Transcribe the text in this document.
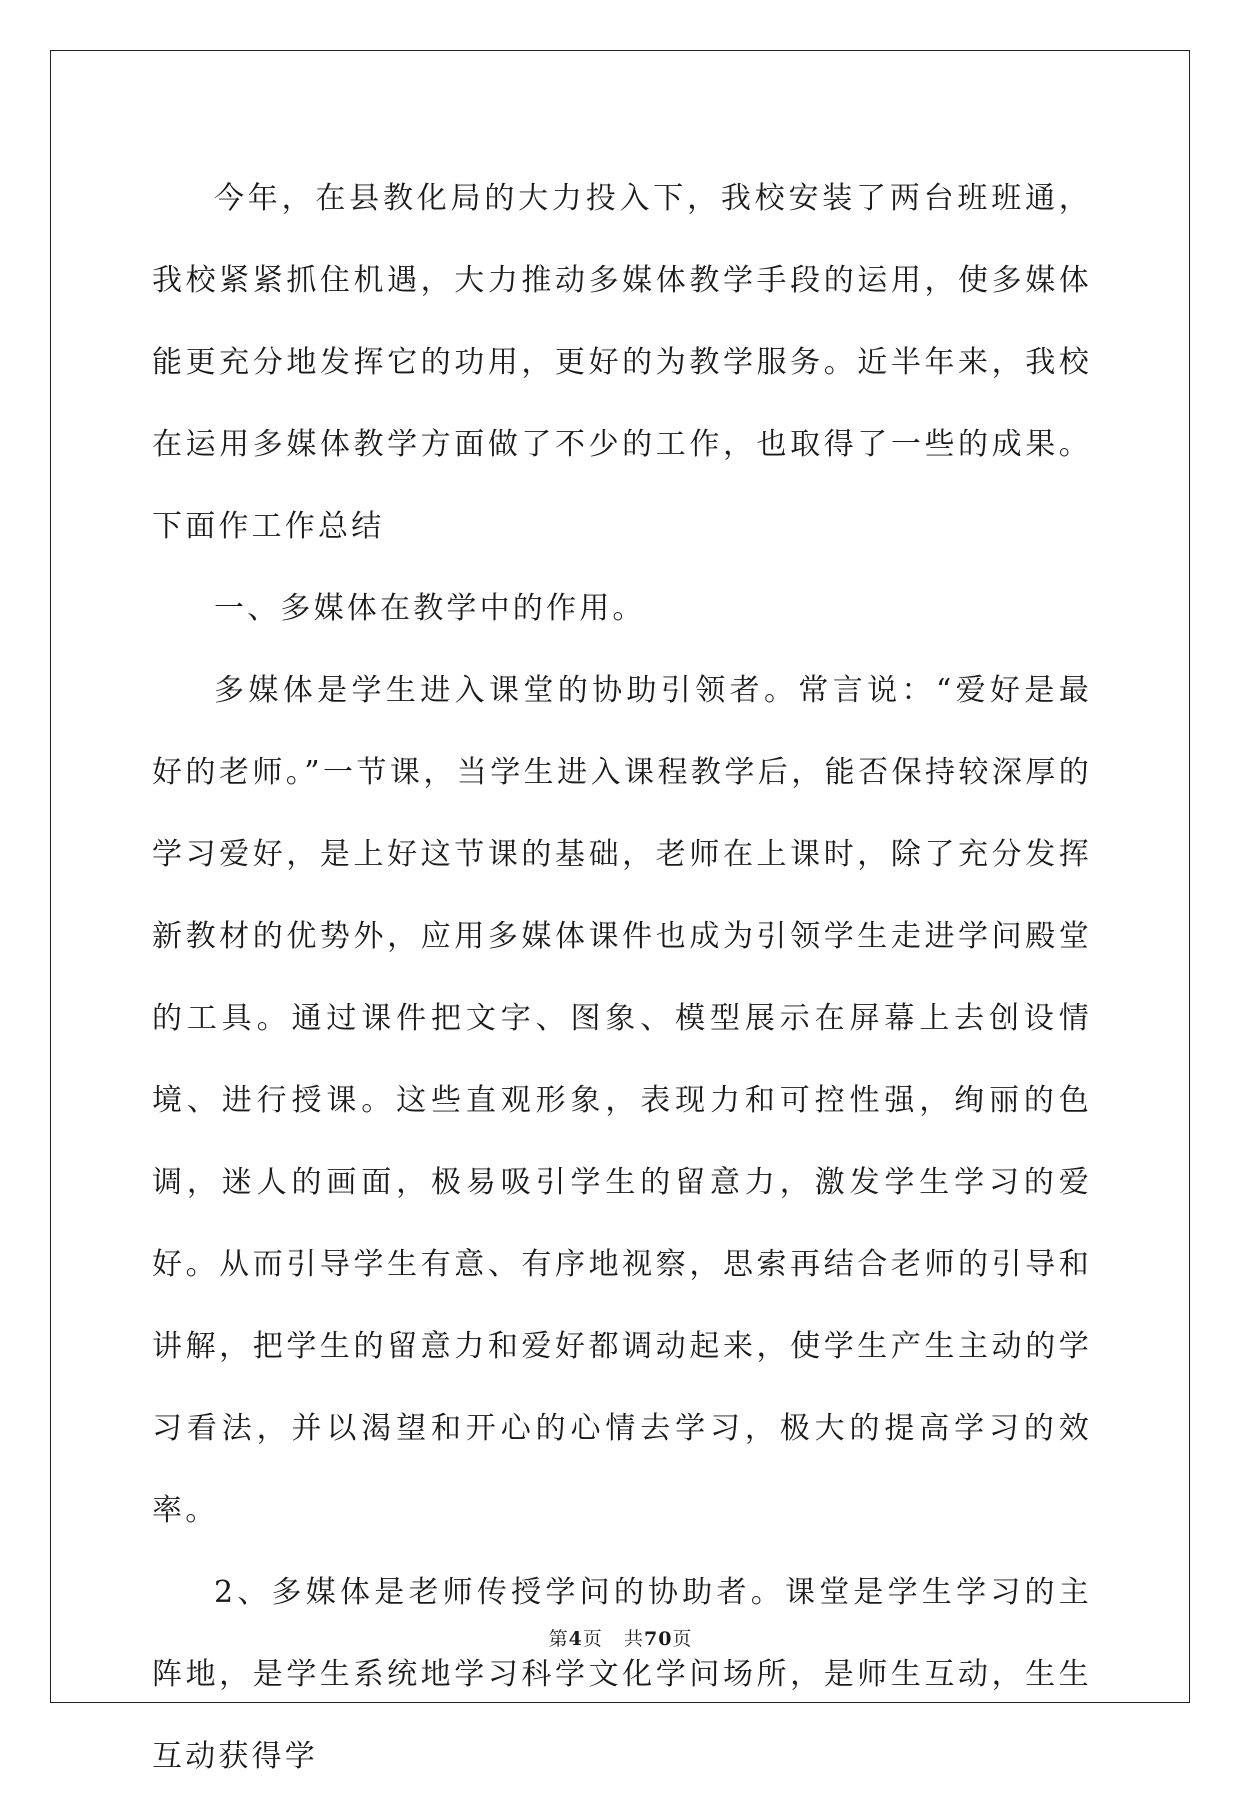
今年，在县教化局的大力投入下，我校安装了两台班班通，我校紧紧抓住机遇，大力推动多媒体教学手段的运用，使多媒体能更充分地发挥它的功用，更好的为教学服务。近半年来，我校在运用多媒体教学方面做了不少的工作，也取得了一些的成果。下面作工作总结

一、多媒体在教学中的作用。

多媒体是学生进入课堂的协助引领者。常言说：“爱好是最好的老师。”一节课，当学生进入课程教学后，能否保持较深厚的学习爱好，是上好这节课的基础，老师在上课时，除了充分发挥新教材的优势外，应用多媒体课件也成为引领学生走进学问殿堂的工具。通过课件把文字、图象、模型展示在屏幕上去创设情境、进行授课。这些直观形象，表现力和可控性强，绚丽的色调，迷人的画面，极易吸引学生的留意力，激发学生学习的爱好。从而引导学生有意、有序地视察，思索再结合老师的引导和讲解，把学生的留意力和爱好都调动起来，使学生产生主动的学习看法，并以渴望和开心的心情去学习，极大的提高学习的效率。

2、多媒体是老师传授学问的协助者。课堂是学生学习的主阵地，是学生系统地学习科学文化学问场所，是师生互动，生生互动获得学

第4页 共70页
